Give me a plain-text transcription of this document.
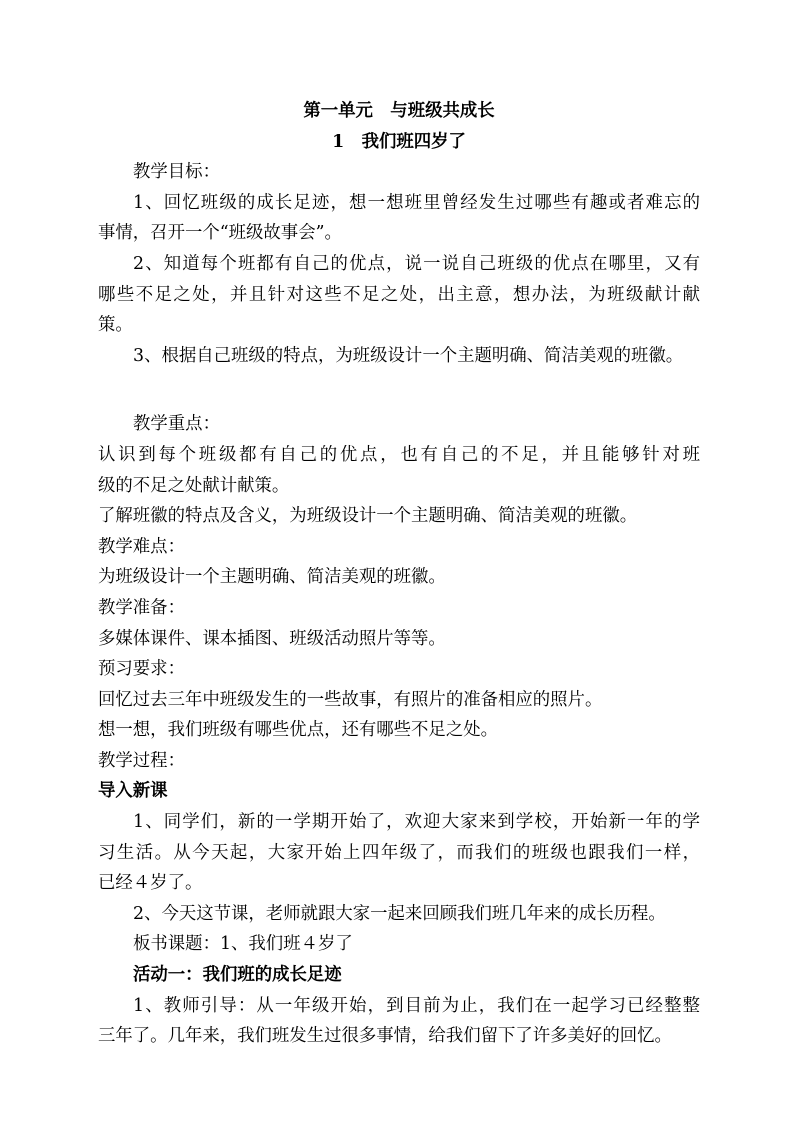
第一单元　与班级共成长
1　我们班四岁了
教学目标：
1、回忆班级的成长足迹，想一想班里曾经发生过哪些有趣或者难忘的
事情，召开一个“班级故事会”。
2、知道每个班都有自己的优点，说一说自己班级的优点在哪里，又有
哪些不足之处，并且针对这些不足之处，出主意，想办法，为班级献计献
策。
3、根据自己班级的特点，为班级设计一个主题明确、简洁美观的班徽。
教学重点：
认识到每个班级都有自己的优点，也有自己的不足，并且能够针对班
级的不足之处献计献策。
了解班徽的特点及含义，为班级设计一个主题明确、简洁美观的班徽。
教学难点：
为班级设计一个主题明确、简洁美观的班徽。
教学准备：
多媒体课件、课本插图、班级活动照片等等。
预习要求：
回忆过去三年中班级发生的一些故事，有照片的准备相应的照片。
想一想，我们班级有哪些优点，还有哪些不足之处。
教学过程：
导入新课
1、同学们，新的一学期开始了，欢迎大家来到学校，开始新一年的学
习生活。从今天起，大家开始上四年级了，而我们的班级也跟我们一样，
已经４岁了。
2、今天这节课，老师就跟大家一起来回顾我们班几年来的成长历程。
板书课题：1、我们班４岁了
活动一：我们班的成长足迹
1、教师引导：从一年级开始，到目前为止，我们在一起学习已经整整
三年了。几年来，我们班发生过很多事情，给我们留下了许多美好的回忆。
